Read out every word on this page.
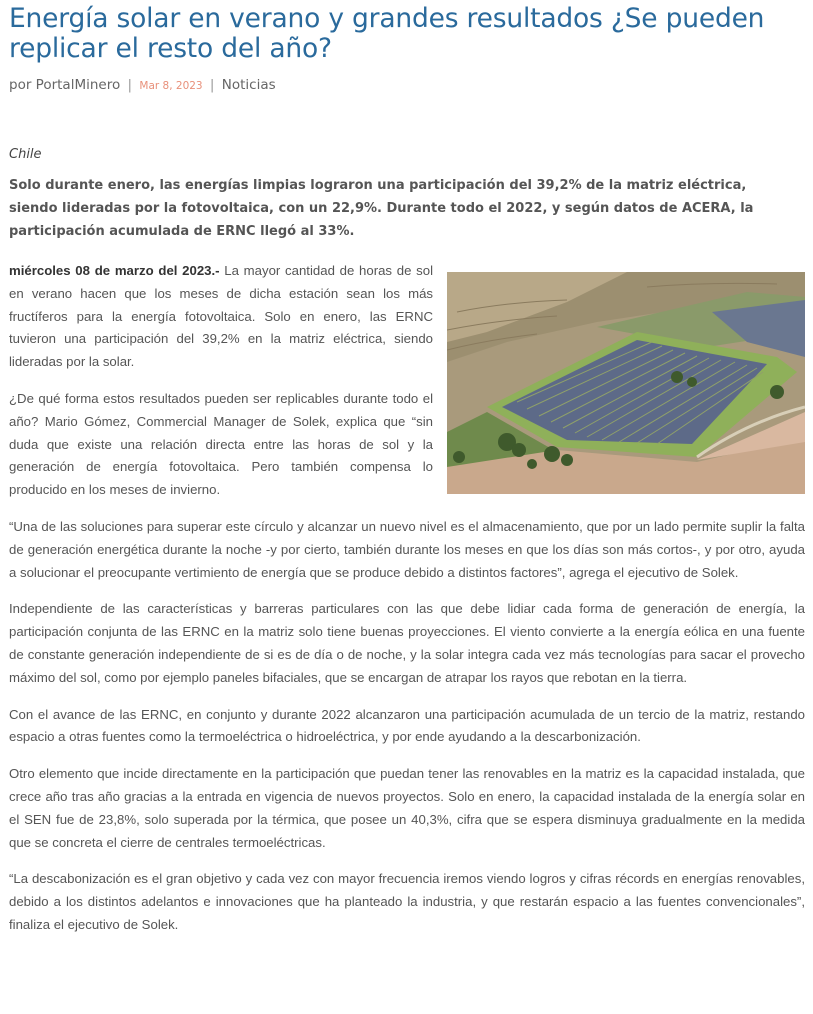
Energía solar en verano y grandes resultados ¿Se pueden replicar el resto del año?
por PortalMinero | Mar 8, 2023 | Noticias
Chile
Solo durante enero, las energías limpias lograron una participación del 39,2% de la matriz eléctrica, siendo lideradas por la fotovoltaica, con un 22,9%. Durante todo el 2022, y según datos de ACERA, la participación acumulada de ERNC llegó al 33%.

miércoles 08 de marzo del 2023.- La mayor cantidad de horas de sol en verano hacen que los meses de dicha estación sean los más fructíferos para la energía fotovoltaica. Solo en enero, las ERNC tuvieron una participación del 39,2% en la matriz eléctrica, siendo lideradas por la solar.

¿De qué forma estos resultados pueden ser replicables durante todo el año? Mario Gómez, Commercial Manager de Solek, explica que “sin duda que existe una relación directa entre las horas de sol y la generación de energía fotovoltaica. Pero también compensa lo producido en los meses de invierno.

“Una de las soluciones para superar este círculo y alcanzar un nuevo nivel es el almacenamiento, que por un lado permite suplir la falta de generación energética durante la noche -y por cierto, también durante los meses en que los días son más cortos-, y por otro, ayuda a solucionar el preocupante vertimiento de energía que se produce debido a distintos factores”, agrega el ejecutivo de Solek.

Independiente de las características y barreras particulares con las que debe lidiar cada forma de generación de energía, la participación conjunta de las ERNC en la matriz solo tiene buenas proyecciones. El viento convierte a la energía eólica en una fuente de constante generación independiente de si es de día o de noche, y la solar integra cada vez más tecnologías para sacar el provecho máximo del sol, como por ejemplo paneles bifaciales, que se encargan de atrapar los rayos que rebotan en la tierra.

Con el avance de las ERNC, en conjunto y durante 2022 alcanzaron una participación acumulada de un tercio de la matriz, restando espacio a otras fuentes como la termoeléctrica o hidroeléctrica, y por ende ayudando a la descarbonización.

Otro elemento que incide directamente en la participación que puedan tener las renovables en la matriz es la capacidad instalada, que crece año tras año gracias a la entrada en vigencia de nuevos proyectos. Solo en enero, la capacidad instalada de la energía solar en el SEN fue de 23,8%, solo superada por la térmica, que posee un 40,3%, cifra que se espera disminuya gradualmente en la medida que se concreta el cierre de centrales termoeléctricas.

“La descabonización es el gran objetivo y cada vez con mayor frecuencia iremos viendo logros y cifras récords en energías renovables, debido a los distintos adelantos e innovaciones que ha planteado la industria, y que restarán espacio a las fuentes convencionales”, finaliza el ejecutivo de Solek.
